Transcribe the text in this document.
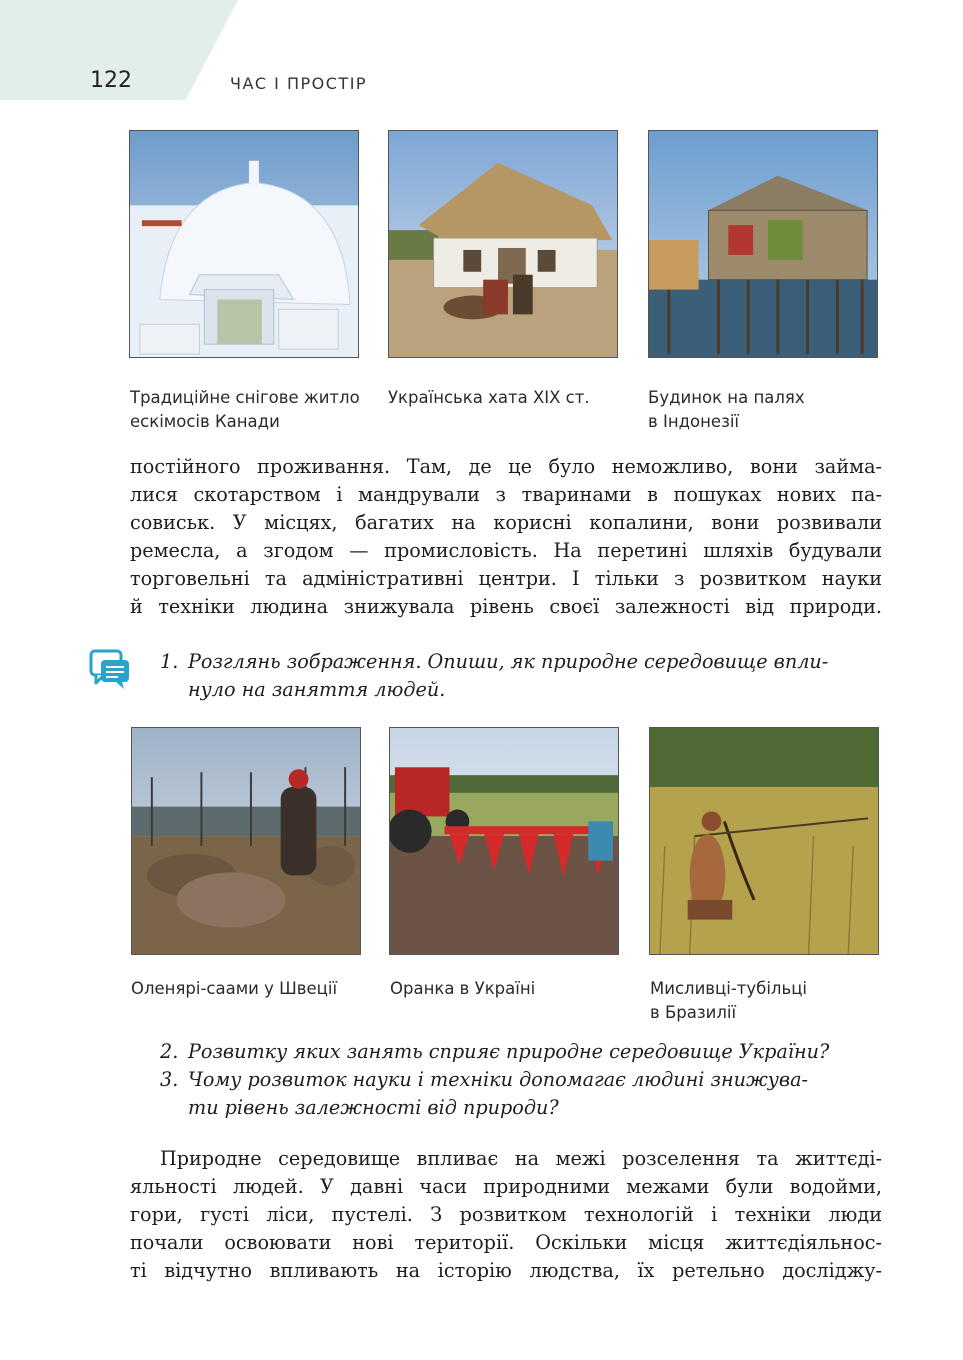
122	ЧАС І ПРОСТІР
Традиційне снігове житло
ескімосів Канади
Українська хата XIX ст.	Будинок на палях
в Індонезії
постійного проживання. Там, де це було неможливо, вони займа-
лися скотарством і мандрували з тваринами в пошуках нових па-
совиськ. У місцях, багатих на корисні копалини, вони розвивали
ремесла, а згодом — промисловість. На перетині шляхів будували
торговельні та адміністративні центри. І тільки з розвитком науки
й техніки людина знижувала рівень своєї залежності від природи.
1. Розглянь зображення. Опиши, як природне середовище впли-
нуло на заняття людей.
Оленярі-саами у Швеції	Оранка в Україні	Мисливці-тубільці
в Бразилії
2. Розвитку яких занять сприяє природне середовище України?
3. Чому розвиток науки і техніки допомагає людині знижува-
ти рівень залежності від природи?
Природне середовище впливає на межі розселення та життєді-
яльності людей. У давні часи природними межами були водойми,
гори, густі ліси, пустелі. З розвитком технологій і техніки люди
почали освоювати нові території. Оскільки місця життєдіяльнос-
ті відчутно впливають на історію людства, їх ретельно досліджу-
